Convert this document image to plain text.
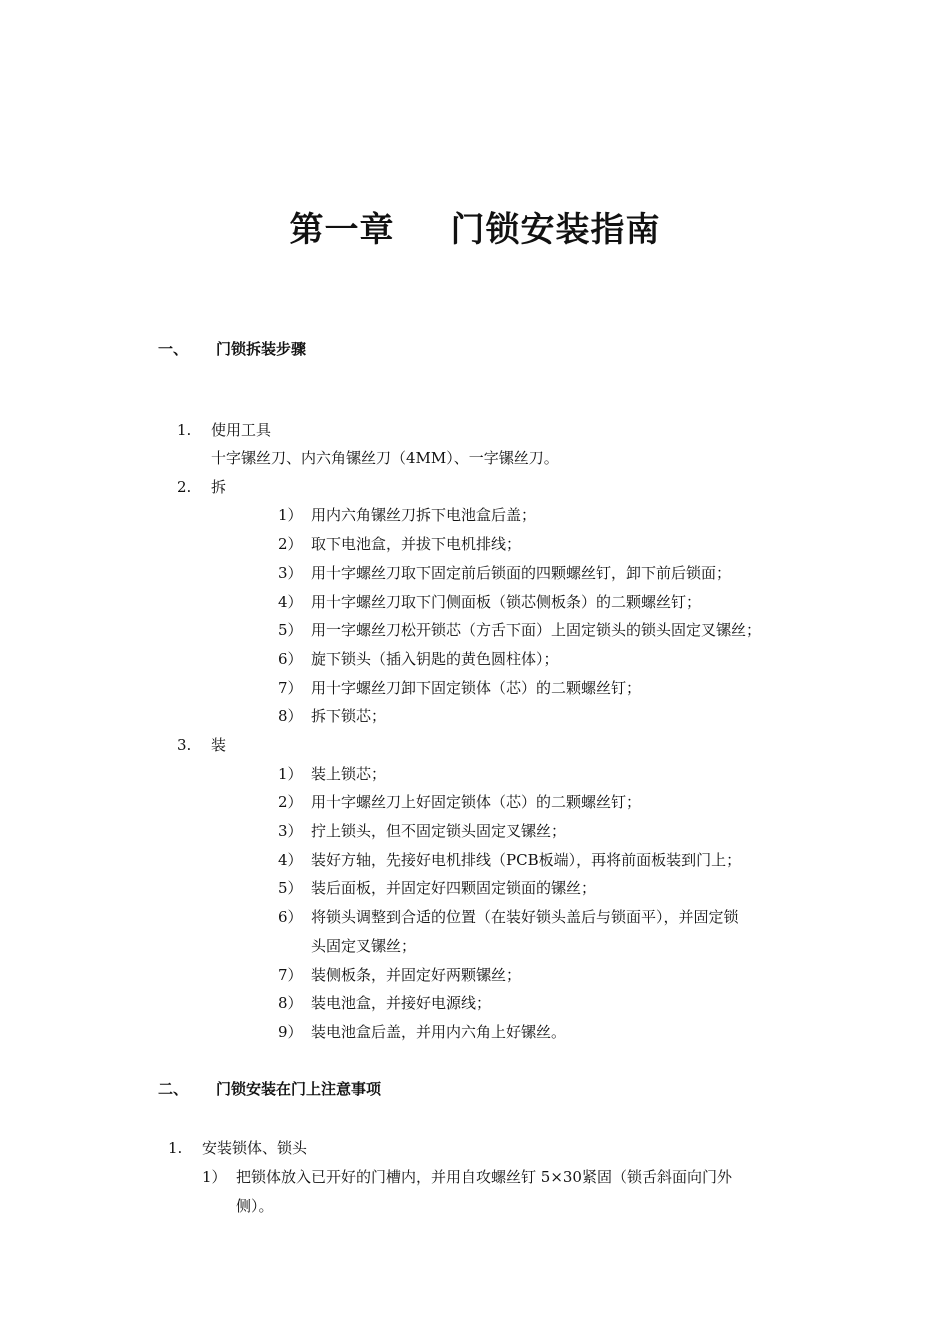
第一章 门锁安装指南
一、 门锁拆装步骤
1. 使用工具
十字镙丝刀、内六角镙丝刀（4MM）、一字镙丝刀。
2. 拆
1） 用内六角镙丝刀拆下电池盒后盖；
2） 取下电池盒，并拔下电机排线；
3） 用十字螺丝刀取下固定前后锁面的四颗螺丝钉，卸下前后锁面；
4） 用十字螺丝刀取下门侧面板（锁芯侧板条）的二颗螺丝钉；
5） 用一字螺丝刀松开锁芯（方舌下面）上固定锁头的锁头固定叉镙丝；
6） 旋下锁头（插入钥匙的黄色圆柱体）；
7） 用十字螺丝刀卸下固定锁体（芯）的二颗螺丝钉；
8） 拆下锁芯；
3. 装
1） 装上锁芯；
2） 用十字螺丝刀上好固定锁体（芯）的二颗螺丝钉；
3） 拧上锁头，但不固定锁头固定叉镙丝；
4） 装好方轴，先接好电机排线（PCB板端），再将前面板装到门上；
5） 装后面板，并固定好四颗固定锁面的镙丝；
6） 将锁头调整到合适的位置（在装好锁头盖后与锁面平），并固定锁
头固定叉镙丝；
7） 装侧板条，并固定好两颗镙丝；
8） 装电池盒，并接好电源线；
9） 装电池盒后盖，并用内六角上好镙丝。
二、 门锁安装在门上注意事项
1. 安装锁体、锁头
1） 把锁体放入已开好的门槽内，并用自攻螺丝钉 5×30紧固（锁舌斜面向门外
侧）。
